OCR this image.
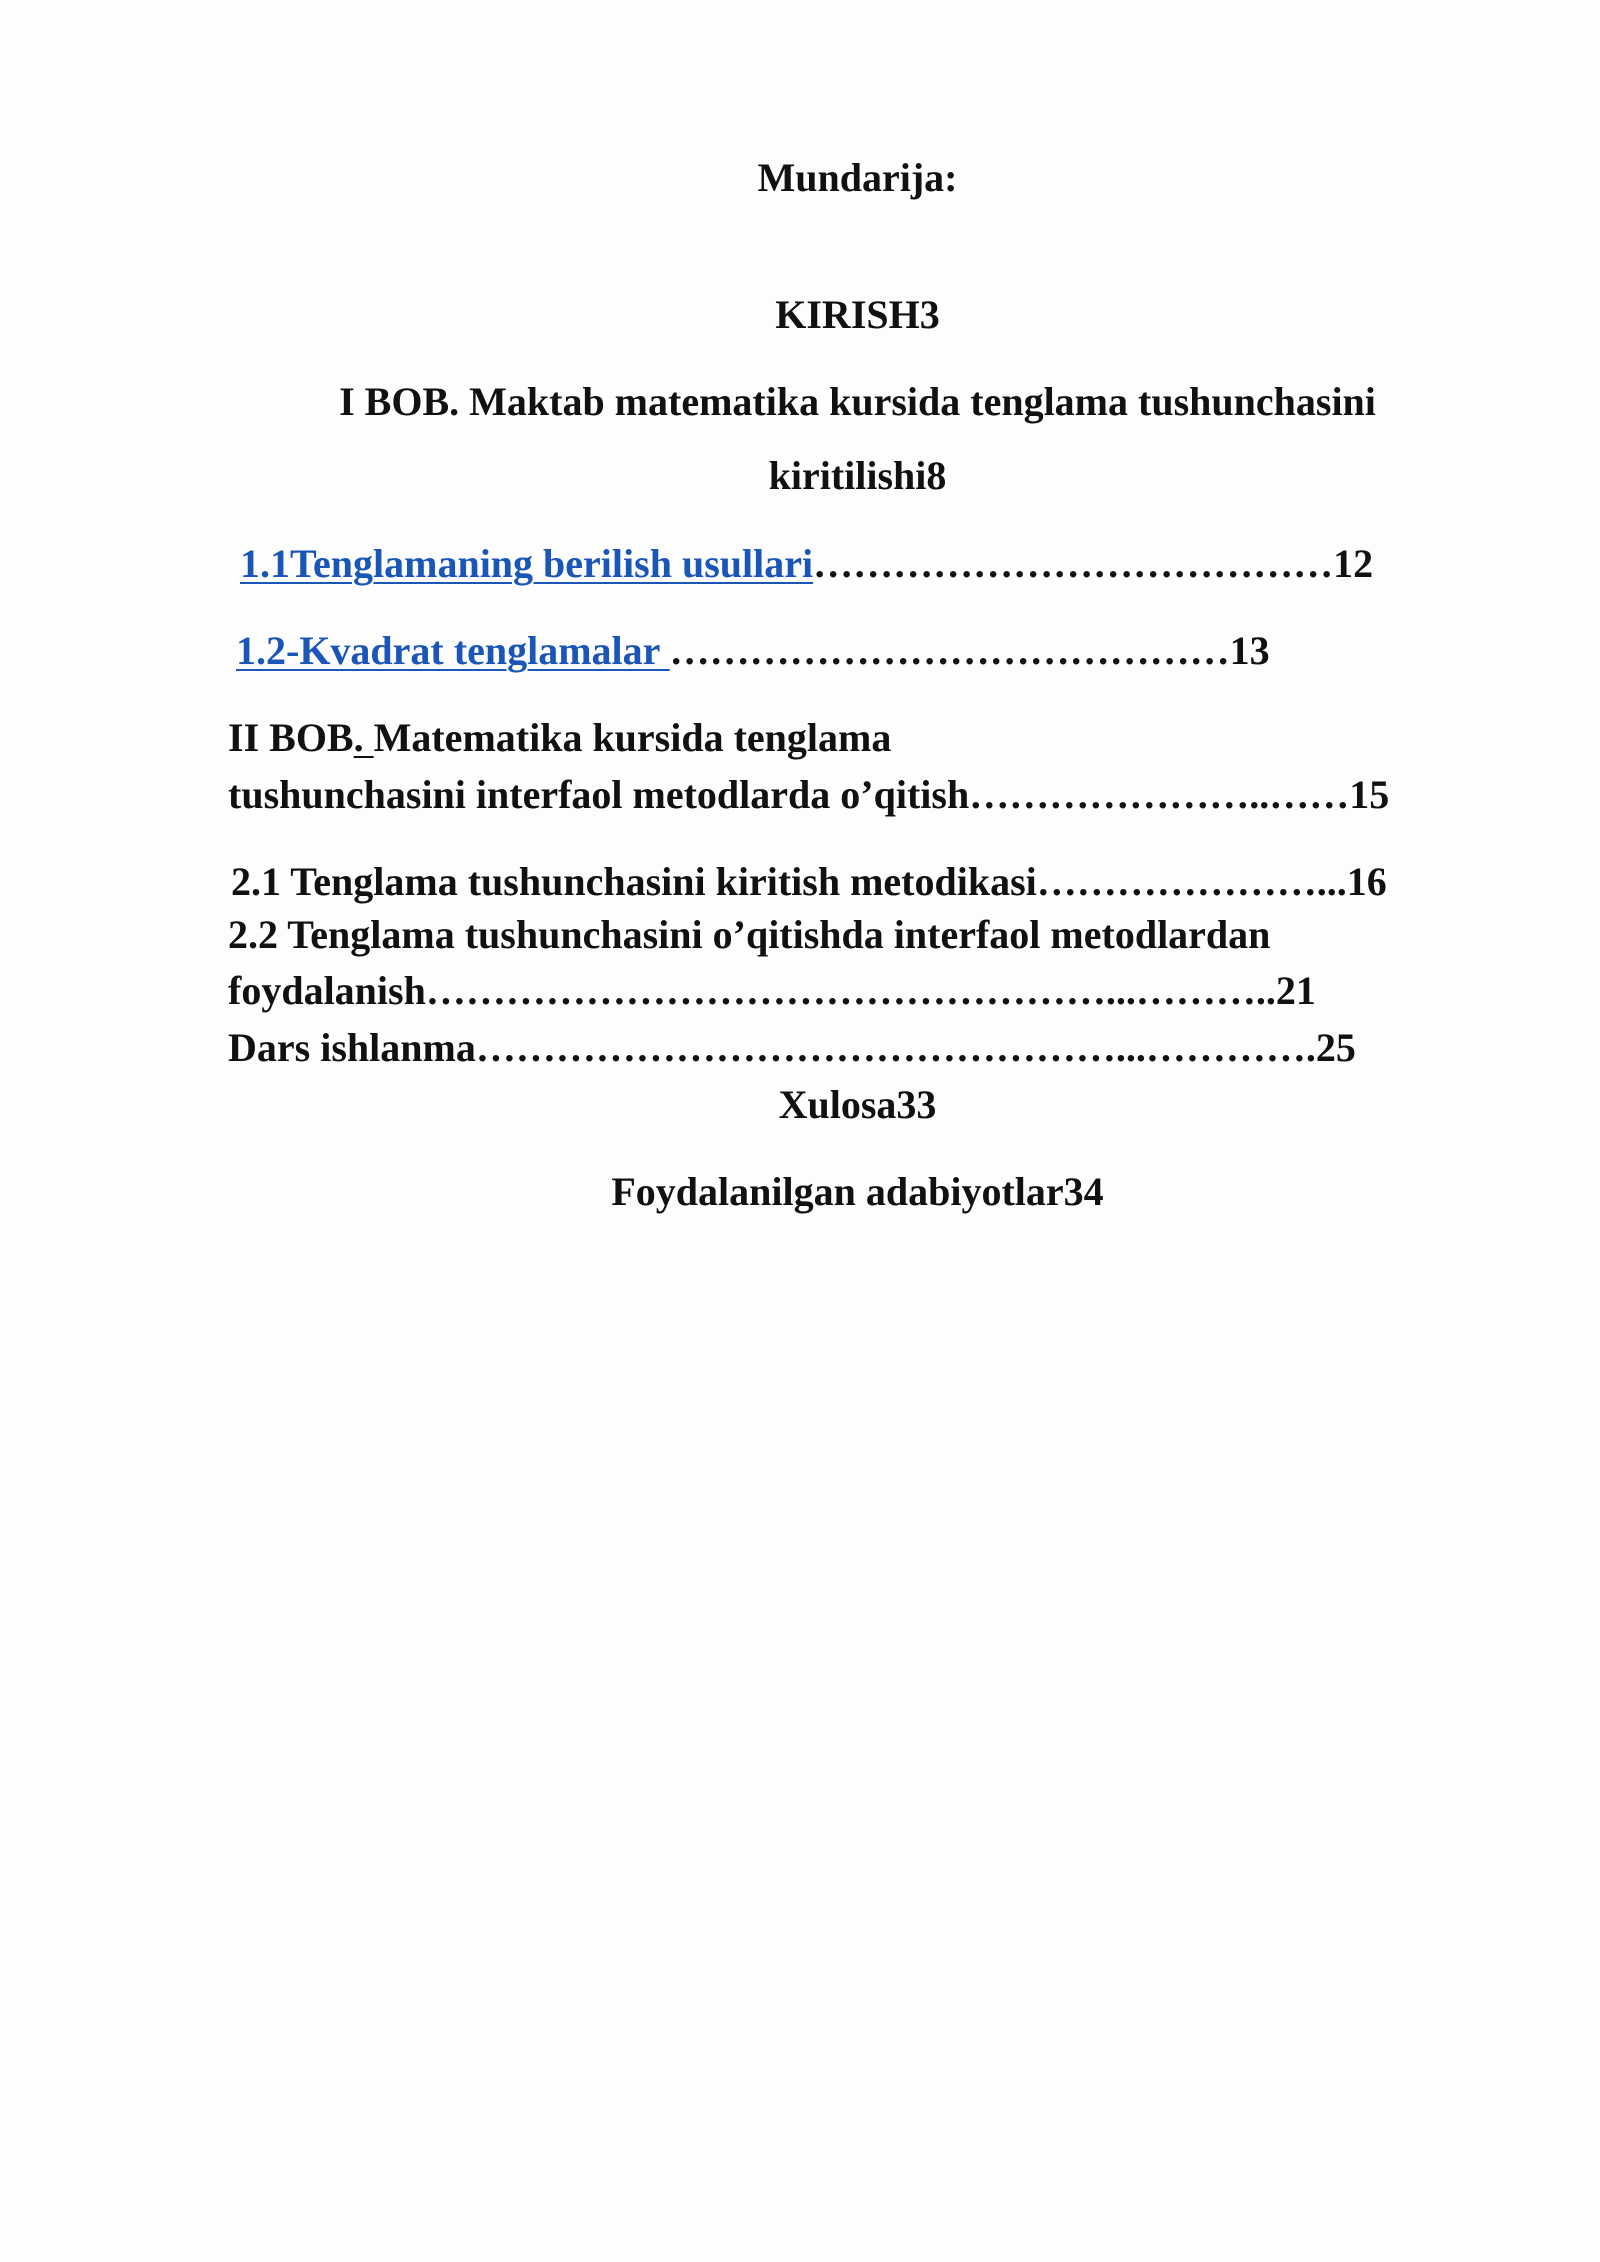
Mundarija:
KIRISH3
I BOB. Maktab matematika kursida tenglama tushunchasini
kiritilishi8
1.1Tenglamaning berilish usullari…………………………………12
1.2-Kvadrat tenglamalar ……………………………………13
II BOB. Matematika kursida tenglama
tushunchasini interfaol metodlarda o’qitish…………………..……15
2.1 Tenglama tushunchasini kiritish metodikasi…………………...16
2.2 Tenglama tushunchasini o’qitishda interfaol metodlardan
foydalanish……………………………………………...………..21
Dars ishlanma…………………………………………...………….25
Xulosa33
Foydalanilgan adabiyotlar34
